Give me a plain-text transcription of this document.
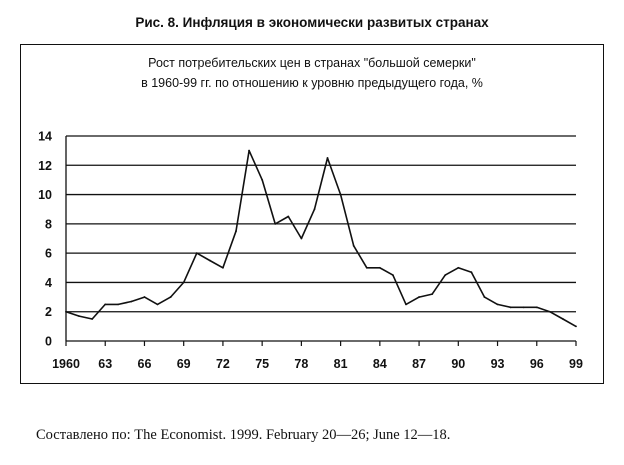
Рис. 8. Инфляция в экономически развитых странах
Рост потребительских цен в странах "большой семерки"
в 1960-99 гг. по отношению к уровню предыдущего года, %
0
2
4
6
8
10
12
14
1960 63 66 69 72 75 78 81 84 87 90 93 96 99
Составлено по: The Economist. 1999. February 20—26; June 12—18.
